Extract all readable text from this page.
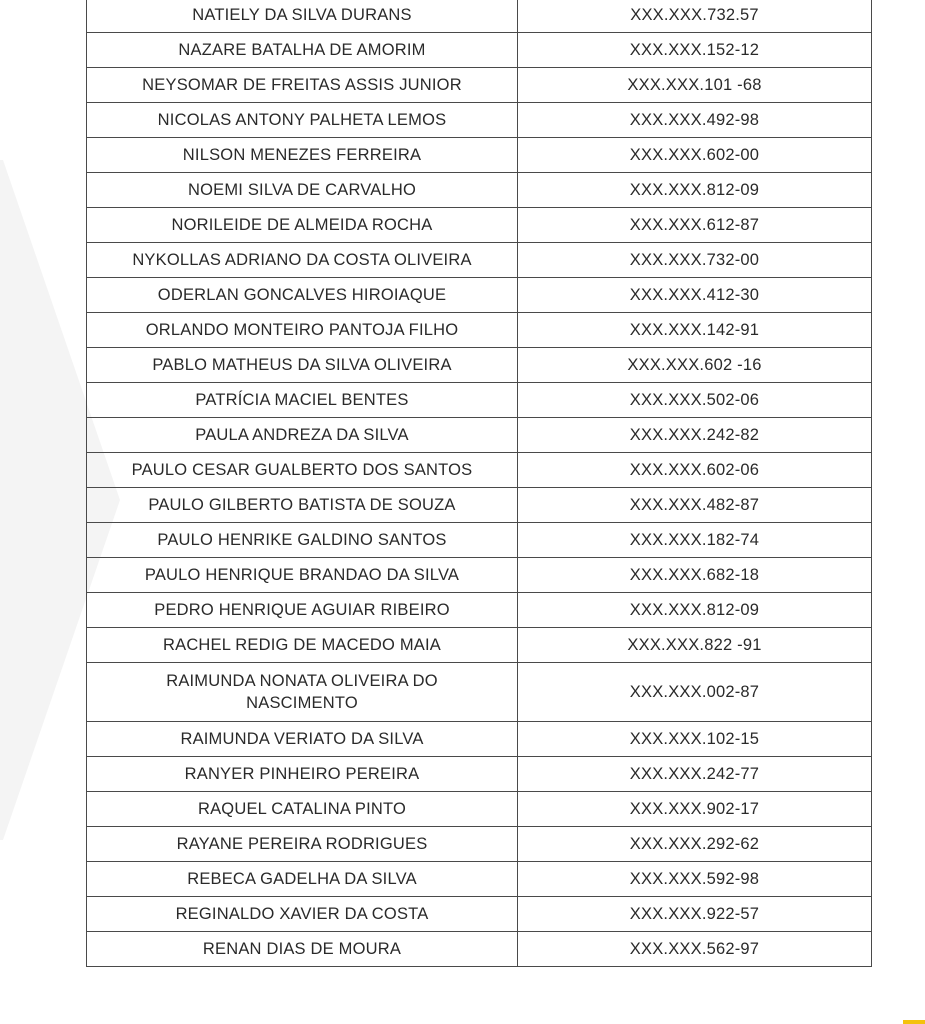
NATIELY DA SILVA DURANS	XXX.XXX.732.57
NAZARE BATALHA DE AMORIM	XXX.XXX.152-12
NEYSOMAR DE FREITAS ASSIS JUNIOR	XXX.XXX.101 -68
NICOLAS ANTONY PALHETA LEMOS	XXX.XXX.492-98
NILSON MENEZES FERREIRA	XXX.XXX.602-00
NOEMI SILVA DE CARVALHO	XXX.XXX.812-09
NORILEIDE DE ALMEIDA ROCHA	XXX.XXX.612-87
NYKOLLAS ADRIANO DA COSTA OLIVEIRA	XXX.XXX.732-00
ODERLAN GONCALVES HIROIAQUE	XXX.XXX.412-30
ORLANDO MONTEIRO PANTOJA FILHO	XXX.XXX.142-91
PABLO MATHEUS DA SILVA OLIVEIRA	XXX.XXX.602 -16
PATRÍCIA MACIEL BENTES	XXX.XXX.502-06
PAULA ANDREZA DA SILVA	XXX.XXX.242-82
PAULO CESAR GUALBERTO DOS SANTOS	XXX.XXX.602-06
PAULO GILBERTO BATISTA DE SOUZA	XXX.XXX.482-87
PAULO HENRIKE GALDINO SANTOS	XXX.XXX.182-74
PAULO HENRIQUE BRANDAO DA SILVA	XXX.XXX.682-18
PEDRO HENRIQUE AGUIAR RIBEIRO	XXX.XXX.812-09
RACHEL REDIG DE MACEDO MAIA	XXX.XXX.822 -91

RAIMUNDA NONATA OLIVEIRA DO
NASCIMENTO	XXX.XXX.002-87
RAIMUNDA VERIATO DA SILVA	XXX.XXX.102-15
RANYER PINHEIRO PEREIRA	XXX.XXX.242-77
RAQUEL CATALINA PINTO	XXX.XXX.902-17
RAYANE PEREIRA RODRIGUES	XXX.XXX.292-62
REBECA GADELHA DA SILVA	XXX.XXX.592-98
REGINALDO XAVIER DA COSTA	XXX.XXX.922-57
RENAN DIAS DE MOURA	XXX.XXX.562-97
